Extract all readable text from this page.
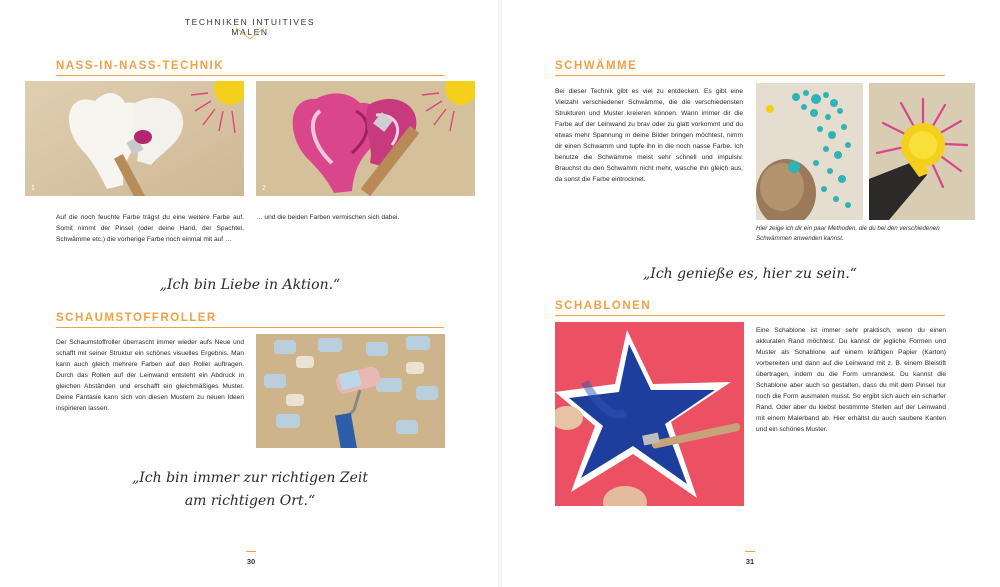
TECHNIKEN INTUITIVES MALEN
NASS-IN-NASS-TECHNIK
1	2

Auf die noch feuchte Farbe trägst du eine weitere Farbe auf. Somit nimmt der Pinsel (oder deine Hand, der Spachtel, Schwämme etc.) die vorherige Farbe noch einmal mit auf …

… und die beiden Farben vermischen sich dabei.

„Ich bin Liebe in Aktion.“

SCHAUMSTOFFROLLER

Der Schaumstoffroller überrascht immer wieder aufs Neue und schafft mit seiner Struktur ein schönes visuelles Ergebnis. Man kann auch gleich mehrere Farben auf den Roller auftragen. Durch das Rollen auf der Leinwand entsteht ein Abdruck in gleichen Abständen und erschafft ein gleichmäßiges Muster. Deine Fantasie kann sich von diesen Mustern zu neuen Ideen inspirieren lassen.

„Ich bin immer zur richtigen Zeit

am richtigen Ort.“

30
SCHWÄMME

Bei dieser Technik gibt es viel zu entdecken. Es gibt eine Vielzahl verschiedener Schwämme, die die verschiedensten Strukturen und Muster kreieren können. Wann immer dir die Farbe auf der Leinwand zu brav oder zu glatt vorkommt und du etwas mehr Spannung in deine Bilder bringen möchtest, nimm dir einen Schwamm und tupfe ihn in die noch nasse Farbe. Ich benutze die Schwämme meist sehr schnell und impulsiv. Brauchst du den Schwamm nicht mehr, wasche ihn gleich aus, da sonst die Farbe eintrocknet.

Hier zeige ich dir ein paar Methoden, die du bei den verschiedenen Schwämmen anwenden kannst.

„Ich genieße es, hier zu sein.“

SCHABLONEN

Eine Schablone ist immer sehr praktisch, wenn du einen akkuraten Rand möchtest. Du kannst dir jegliche Formen und Muster als Schablone auf einem kräftigen Papier (Karton) vorbereiten und dann auf die Leinwand mit z. B. einem Bleistift übertragen, indem du die Form umrandest. Du kannst die Schablone aber auch so gestalten, dass du mit dem Pinsel nur noch die Form ausmalen musst. So ergibt sich auch ein scharfer Rand. Oder aber du klebst bestimmte Stellen auf der Leinwand mit einem Malerband ab. Hier erhältst du auch saubere Kanten und ein schönes Muster.

31
